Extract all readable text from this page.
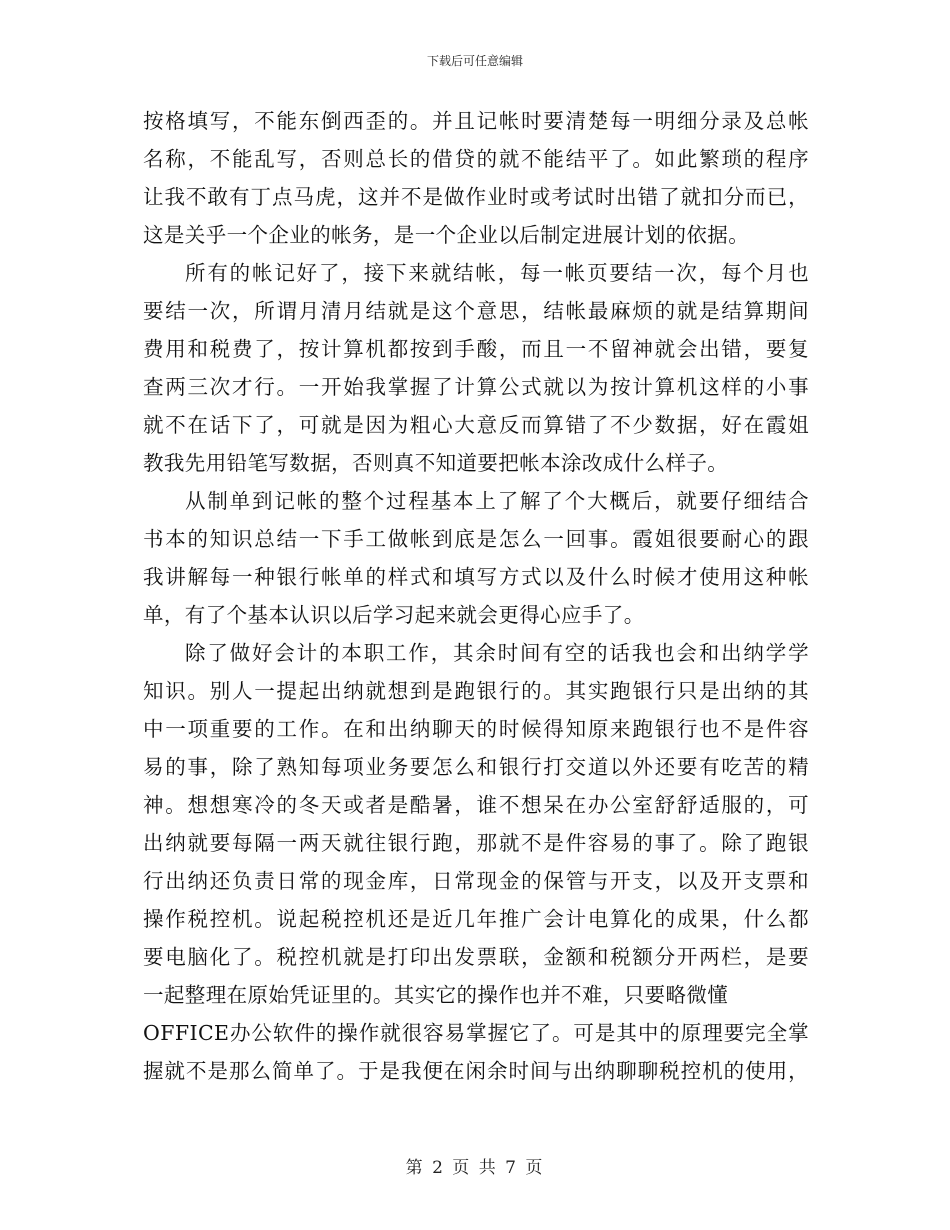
下载后可任意编辑
按格填写，不能东倒西歪的。并且记帐时要清楚每一明细分录及总帐
名称，不能乱写，否则总长的借贷的就不能结平了。如此繁琐的程序
让我不敢有丁点马虎，这并不是做作业时或考试时出错了就扣分而已，
这是关乎一个企业的帐务，是一个企业以后制定进展计划的依据。
所有的帐记好了，接下来就结帐，每一帐页要结一次，每个月也
要结一次，所谓月清月结就是这个意思，结帐最麻烦的就是结算期间
费用和税费了，按计算机都按到手酸，而且一不留神就会出错，要复
查两三次才行。一开始我掌握了计算公式就以为按计算机这样的小事
就不在话下了，可就是因为粗心大意反而算错了不少数据，好在霞姐
教我先用铅笔写数据，否则真不知道要把帐本涂改成什么样子。
从制单到记帐的整个过程基本上了解了个大概后，就要仔细结合
书本的知识总结一下手工做帐到底是怎么一回事。霞姐很要耐心的跟
我讲解每一种银行帐单的样式和填写方式以及什么时候才使用这种帐
单，有了个基本认识以后学习起来就会更得心应手了。
除了做好会计的本职工作，其余时间有空的话我也会和出纳学学
知识。别人一提起出纳就想到是跑银行的。其实跑银行只是出纳的其
中一项重要的工作。在和出纳聊天的时候得知原来跑银行也不是件容
易的事，除了熟知每项业务要怎么和银行打交道以外还要有吃苦的精
神。想想寒冷的冬天或者是酷暑，谁不想呆在办公室舒舒适服的，可
出纳就要每隔一两天就往银行跑，那就不是件容易的事了。除了跑银
行出纳还负责日常的现金库，日常现金的保管与开支，以及开支票和
操作税控机。说起税控机还是近几年推广会计电算化的成果，什么都
要电脑化了。税控机就是打印出发票联，金额和税额分开两栏，是要
一起整理在原始凭证里的。其实它的操作也并不难，只要略微懂
OFFICE办公软件的操作就很容易掌握它了。可是其中的原理要完全掌
握就不是那么简单了。于是我便在闲余时间与出纳聊聊税控机的使用，
第 2 页 共 7 页
